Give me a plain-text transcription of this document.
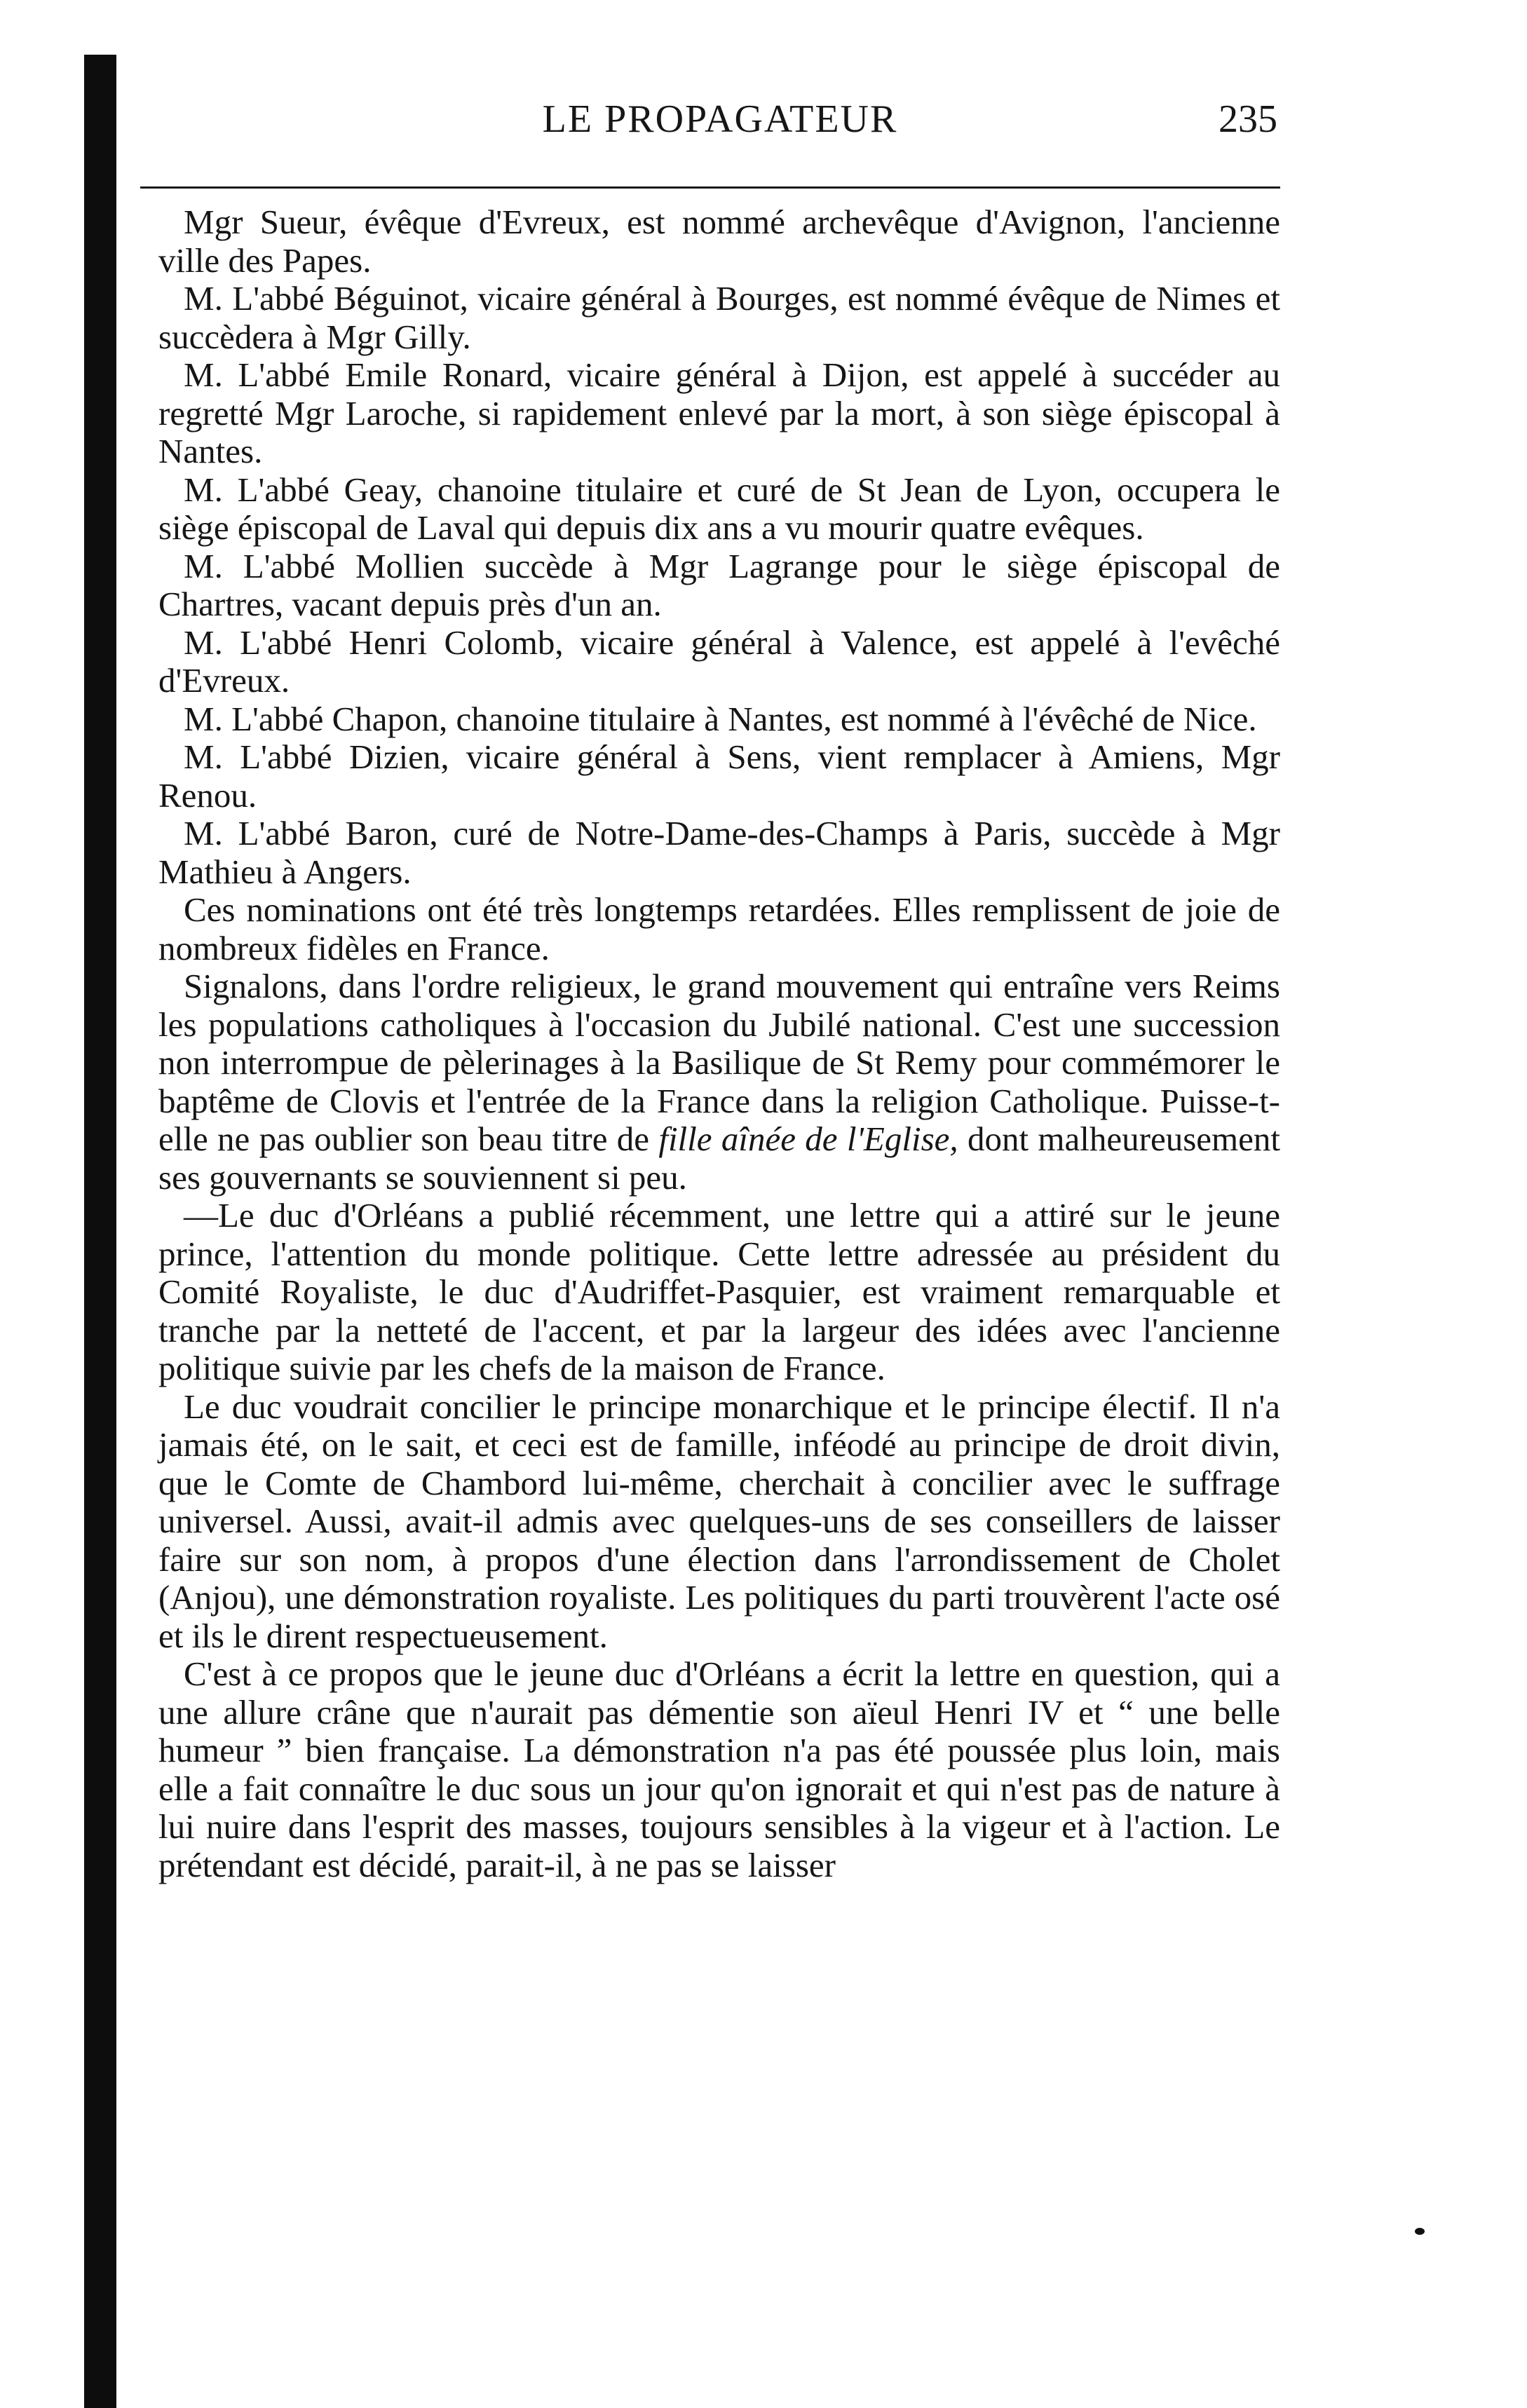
LE PROPAGATEUR	235

Mgr Sueur, évêque d'Evreux, est nommé archevêque d'Avignon, l'ancienne ville des Papes.

M. L'abbé Béguinot, vicaire général à Bourges, est nommé évêque de Nimes et succèdera à Mgr Gilly.

M. L'abbé Emile Ronard, vicaire général à Dijon, est appelé à succéder au regretté Mgr Laroche, si rapidement enlevé par la mort, à son siège épiscopal à Nantes.

M. L'abbé Geay, chanoine titulaire et curé de St Jean de Lyon, occupera le siège épiscopal de Laval qui depuis dix ans a vu mourir quatre evêques.

M. L'abbé Mollien succède à Mgr Lagrange pour le siège épiscopal de Chartres, vacant depuis près d'un an.

M. L'abbé Henri Colomb, vicaire général à Valence, est appelé à l'evêché d'Evreux.

M. L'abbé Chapon, chanoine titulaire à Nantes, est nommé à l'évêché de Nice.

M. L'abbé Dizien, vicaire général à Sens, vient remplacer à Amiens, Mgr Renou.

M. L'abbé Baron, curé de Notre-Dame-des-Champs à Paris, succède à Mgr Mathieu à Angers.

Ces nominations ont été très longtemps retardées. Elles remplissent de joie de nombreux fidèles en France.

Signalons, dans l'ordre religieux, le grand mouvement qui entraîne vers Reims les populations catholiques à l'occasion du Jubilé national. C'est une succession non interrompue de pèlerinages à la Basilique de St Remy pour commémorer le baptême de Clovis et l'entrée de la France dans la religion Catholique. Puisse-t-elle ne pas oublier son beau titre de fille aînée de l'Eglise, dont malheureusement ses gouvernants se souviennent si peu.

—Le duc d'Orléans a publié récemment, une lettre qui a attiré sur le jeune prince, l'attention du monde politique. Cette lettre adressée au président du Comité Royaliste, le duc d'Audriffet-Pasquier, est vraiment remarquable et tranche par la netteté de l'accent, et par la largeur des idées avec l'ancienne politique suivie par les chefs de la maison de France.

Le duc voudrait concilier le principe monarchique et le principe électif. Il n'a jamais été, on le sait, et ceci est de famille, inféodé au principe de droit divin, que le Comte de Chambord lui-même, cherchait à concilier avec le suffrage universel. Aussi, avait-il admis avec quelques-uns de ses conseillers de laisser faire sur son nom, à propos d'une élection dans l'arrondissement de Cholet (Anjou), une démonstration royaliste. Les politiques du parti trouvèrent l'acte osé et ils le dirent respectueusement.

C'est à ce propos que le jeune duc d'Orléans a écrit la lettre en question, qui a une allure crâne que n'aurait pas démentie son aïeul Henri IV et “ une belle humeur ” bien française. La démonstration n'a pas été poussée plus loin, mais elle a fait connaître le duc sous un jour qu'on ignorait et qui n'est pas de nature à lui nuire dans l'esprit des masses, toujours sensibles à la vigeur et à l'action. Le prétendant est décidé, parait-il, à ne pas se laisser
